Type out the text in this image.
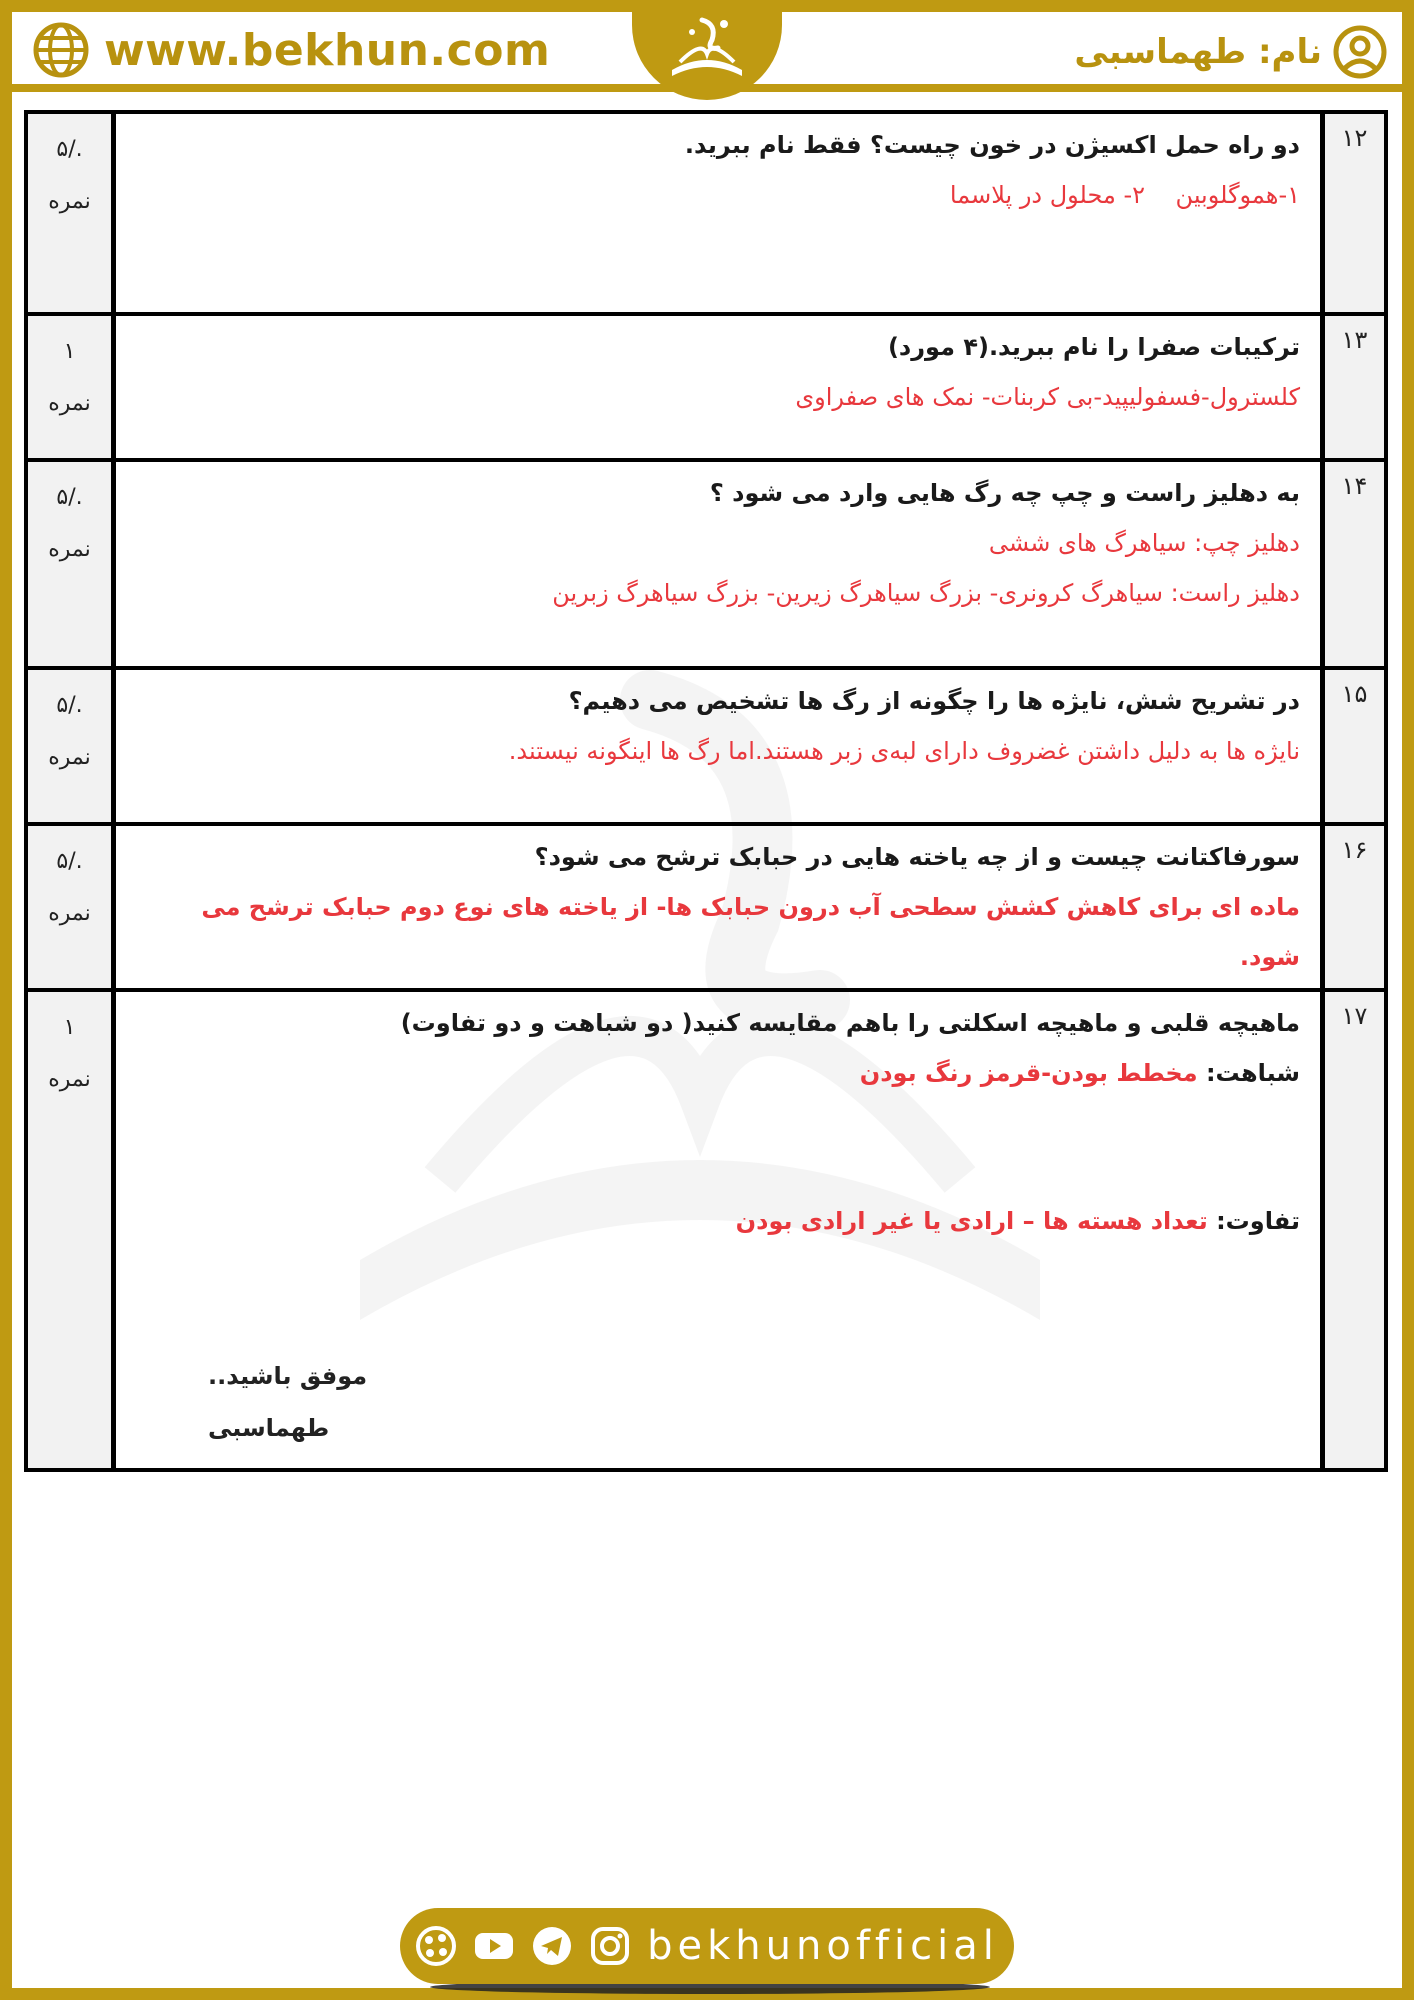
www.bekhun.com	نام: طهماسبی
۱۲
۵/.
نمره
دو راه حمل اکسیژن در خون چیست؟ فقط نام ببرید.
۱-هموگلوبین    ۲- محلول در پلاسما
۱۳
۱
نمره
ترکیبات صفرا را نام ببرید.(۴ مورد)
کلسترول-فسفولیپید-بی کربنات- نمک های صفراوی
۱۴
۵/.
نمره
به دهلیز راست و چپ چه رگ هایی وارد می شود ؟
دهلیز چپ: سیاهرگ های ششی
دهلیز راست: سیاهرگ کرونری- بزرگ سیاهرگ زیرین- بزرگ سیاهرگ زبرین
۱۵
۵/.
نمره
در تشریح شش، نایژه ها را چگونه از رگ ها تشخیص می دهیم؟
نایژه ها به دلیل داشتن غضروف دارای لبه‌ی زبر هستند.اما رگ ها اینگونه نیستند.
۱۶
۵/.
نمره
سورفاکتانت چیست و از چه یاخته هایی در حبابک ترشح می شود؟
ماده ای برای کاهش کشش سطحی آب درون حبابک ها- از یاخته های نوع دوم حبابک ترشح می شود.
۱۷
۱
نمره
ماهیچه قلبی و ماهیچه اسکلتی را باهم مقایسه کنید( دو شباهت و دو تفاوت)
شباهت: مخطط بودن-قرمز رنگ بودن
تفاوت: تعداد هسته ها – ارادی یا غیر ارادی بودن
موفق باشید..
طهماسبی
bekhunofficial
